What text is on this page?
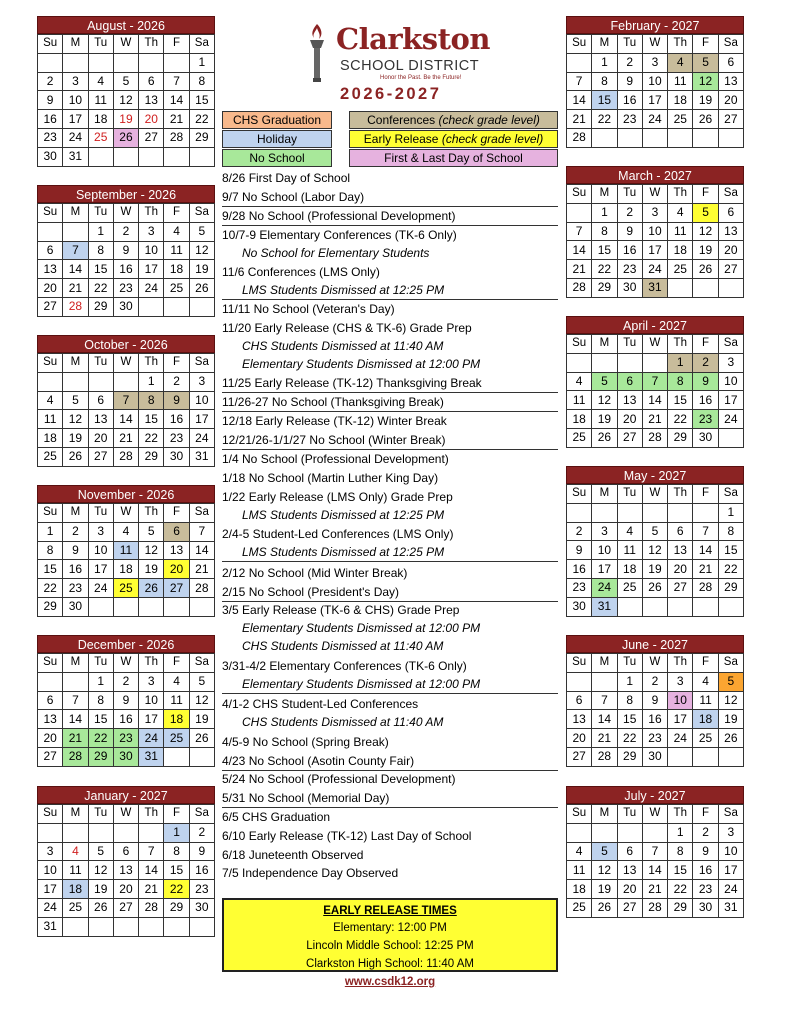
August - 2026
Su	M	Tu	W	Th	F	Sa
						1
2	3	4	5	6	7	8
9	10	11	12	13	14	15
16	17	18	19	20	21	22
23	24	25	26	27	28	29
30	31					
September - 2026
Su	M	Tu	W	Th	F	Sa
		1	2	3	4	5
6	7	8	9	10	11	12
13	14	15	16	17	18	19
20	21	22	23	24	25	26
27	28	29	30			
October - 2026
Su	M	Tu	W	Th	F	Sa
				1	2	3
4	5	6	7	8	9	10
11	12	13	14	15	16	17
18	19	20	21	22	23	24
25	26	27	28	29	30	31
November - 2026
Su	M	Tu	W	Th	F	Sa
1	2	3	4	5	6	7
8	9	10	11	12	13	14
15	16	17	18	19	20	21
22	23	24	25	26	27	28
29	30					
December - 2026
Su	M	Tu	W	Th	F	Sa
		1	2	3	4	5
6	7	8	9	10	11	12
13	14	15	16	17	18	19
20	21	22	23	24	25	26
27	28	29	30	31		
January - 2027
Su	M	Tu	W	Th	F	Sa
					1	2
3	4	5	6	7	8	9
10	11	12	13	14	15	16
17	18	19	20	21	22	23
24	25	26	27	28	29	30
31						
February - 2027
Su	M	Tu	W	Th	F	Sa
	1	2	3	4	5	6
7	8	9	10	11	12	13
14	15	16	17	18	19	20
21	22	23	24	25	26	27
28						
March - 2027
Su	M	Tu	W	Th	F	Sa
	1	2	3	4	5	6
7	8	9	10	11	12	13
14	15	16	17	18	19	20
21	22	23	24	25	26	27
28	29	30	31			
April - 2027
Su	M	Tu	W	Th	F	Sa
				1	2	3
4	5	6	7	8	9	10
11	12	13	14	15	16	17
18	19	20	21	22	23	24
25	26	27	28	29	30	
May - 2027
Su	M	Tu	W	Th	F	Sa
						1
2	3	4	5	6	7	8
9	10	11	12	13	14	15
16	17	18	19	20	21	22
23	24	25	26	27	28	29
30	31					
June - 2027
Su	M	Tu	W	Th	F	Sa
		1	2	3	4	5
6	7	8	9	10	11	12
13	14	15	16	17	18	19
20	21	22	23	24	25	26
27	28	29	30			
July - 2027
Su	M	Tu	W	Th	F	Sa
				1	2	3
4	5	6	7	8	9	10
11	12	13	14	15	16	17
18	19	20	21	22	23	24
25	26	27	28	29	30	31
Clarkston
SCHOOL DISTRICT
Honor the Past. Be the Future!
2026-2027
CHS Graduation	Conferences (check grade level)
Holiday	Early Release (check grade level)
No School	First & Last Day of School
8/26 First Day of School
9/7 No School (Labor Day)
9/28 No School (Professional Development)
10/7-9 Elementary Conferences (TK-6 Only)
No School for Elementary Students
11/6 Conferences (LMS Only)
LMS Students Dismissed at 12:25 PM
11/11 No School (Veteran's Day)
11/20 Early Release (CHS & TK-6) Grade Prep
CHS Students Dismissed at 11:40 AM
Elementary Students Dismissed at 12:00 PM
11/25 Early Release (TK-12) Thanksgiving Break
11/26-27 No School (Thanksgiving Break)
12/18 Early Release (TK-12) Winter Break
12/21/26-1/1/27 No School (Winter Break)
1/4 No School (Professional Development)
1/18 No School (Martin Luther King Day)
1/22 Early Release (LMS Only) Grade Prep
LMS Students Dismissed at 12:25 PM
2/4-5 Student-Led Conferences (LMS Only)
LMS Students Dismissed at 12:25 PM
2/12 No School (Mid Winter Break)
2/15 No School (President's Day)
3/5 Early Release (TK-6 & CHS) Grade Prep
Elementary Students Dismissed at 12:00 PM
CHS Students Dismissed at 11:40 AM
3/31-4/2 Elementary Conferences (TK-6 Only)
Elementary Students Dismissed at 12:00 PM
4/1-2 CHS Student-Led Conferences
CHS Students Dismissed at 11:40 AM
4/5-9 No School (Spring Break)
4/23 No School (Asotin County Fair)
5/24 No School (Professional Development)
5/31 No School (Memorial Day)
6/5 CHS Graduation
6/10 Early Release (TK-12) Last Day of School
6/18 Juneteenth Observed
7/5 Independence Day Observed
EARLY RELEASE TIMES
Elementary: 12:00 PM
Lincoln Middle School: 12:25 PM
Clarkston High School: 11:40 AM
www.csdk12.org
